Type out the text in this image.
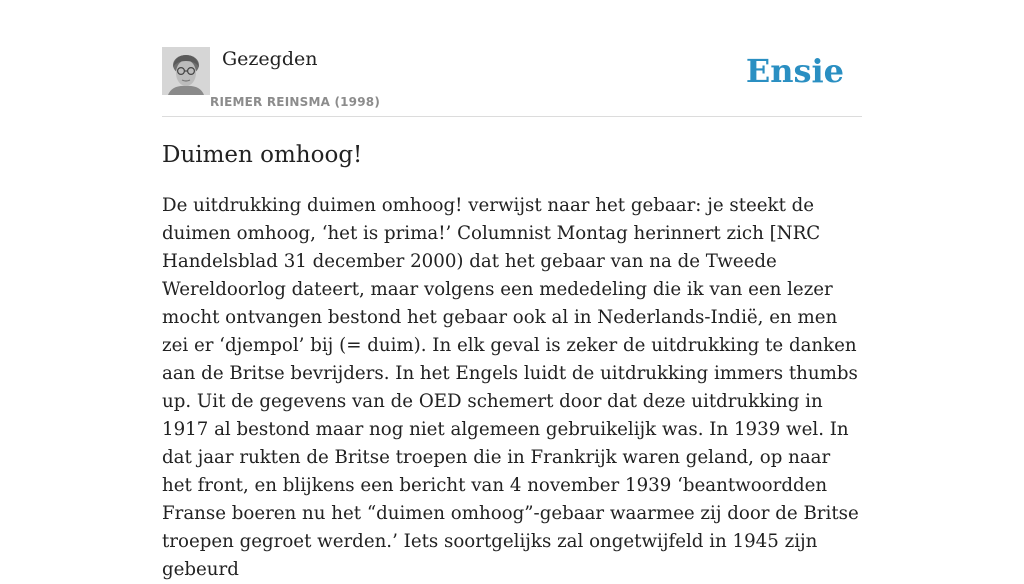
Gezegden
RIEMER REINSMA (1998)
Ensie
Duimen omhoog!

De uitdrukking duimen omhoog! verwijst naar het gebaar: je steekt de duimen omhoog, ‘het is prima!’ Columnist Montag herinnert zich [NRC Handelsblad 31 december 2000) dat het gebaar van na de Tweede Wereldoorlog dateert, maar volgens een mededeling die ik van een lezer mocht ontvangen bestond het gebaar ook al in Nederlands-Indië, en men zei er ‘djempol’ bij (= duim). In elk geval is zeker de uitdrukking te danken aan de Britse bevrijders. In het Engels luidt de uitdrukking immers thumbs up. Uit de gegevens van de OED schemert door dat deze uitdrukking in 1917 al bestond maar nog niet algemeen gebruikelijk was. In 1939 wel. In dat jaar rukten de Britse troepen die in Frankrijk waren geland, op naar het front, en blijkens een bericht van 4 november 1939 ‘beantwoordden Franse boeren nu het “duimen omhoog”-gebaar waarmee zij door de Britse troepen gegroet werden.’ Iets soortgelijks zal ongetwijfeld in 1945 zijn gebeurd
